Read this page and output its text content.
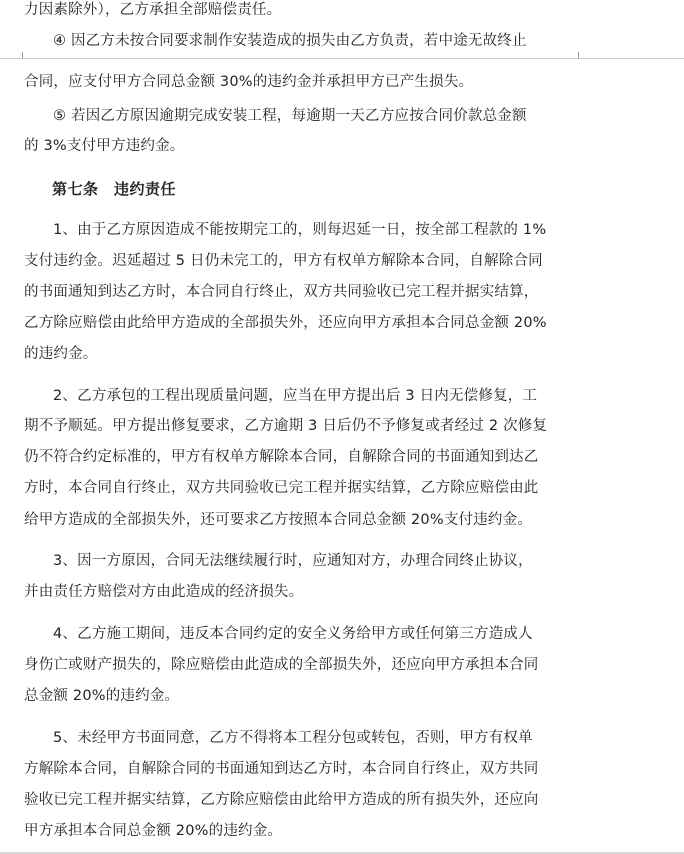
力因素除外），乙方承担全部赔偿责任。
④ 因乙方未按合同要求制作安装造成的损失由乙方负责，若中途无故终止
合同，应支付甲方合同总金额 30%的违约金并承担甲方已产生损失。
⑤ 若因乙方原因逾期完成安装工程，每逾期一天乙方应按合同价款总金额
的 3%支付甲方违约金。
第七条　违约责任
1、由于乙方原因造成不能按期完工的，则每迟延一日，按全部工程款的 1%
支付违约金。迟延超过 5 日仍未完工的，甲方有权单方解除本合同，自解除合同
的书面通知到达乙方时，本合同自行终止，双方共同验收已完工程并据实结算，
乙方除应赔偿由此给甲方造成的全部损失外，还应向甲方承担本合同总金额 20%
的违约金。
2、乙方承包的工程出现质量问题，应当在甲方提出后 3 日内无偿修复，工
期不予顺延。甲方提出修复要求，乙方逾期 3 日后仍不予修复或者经过 2 次修复
仍不符合约定标准的，甲方有权单方解除本合同，自解除合同的书面通知到达乙
方时，本合同自行终止，双方共同验收已完工程并据实结算，乙方除应赔偿由此
给甲方造成的全部损失外，还可要求乙方按照本合同总金额 20%支付违约金。
3、因一方原因，合同无法继续履行时，应通知对方，办理合同终止协议，
并由责任方赔偿对方由此造成的经济损失。
4、乙方施工期间，违反本合同约定的安全义务给甲方或任何第三方造成人
身伤亡或财产损失的，除应赔偿由此造成的全部损失外，还应向甲方承担本合同
总金额 20%的违约金。
5、未经甲方书面同意，乙方不得将本工程分包或转包，否则，甲方有权单
方解除本合同，自解除合同的书面通知到达乙方时，本合同自行终止，双方共同
验收已完工程并据实结算，乙方除应赔偿由此给甲方造成的所有损失外，还应向
甲方承担本合同总金额 20%的违约金。
